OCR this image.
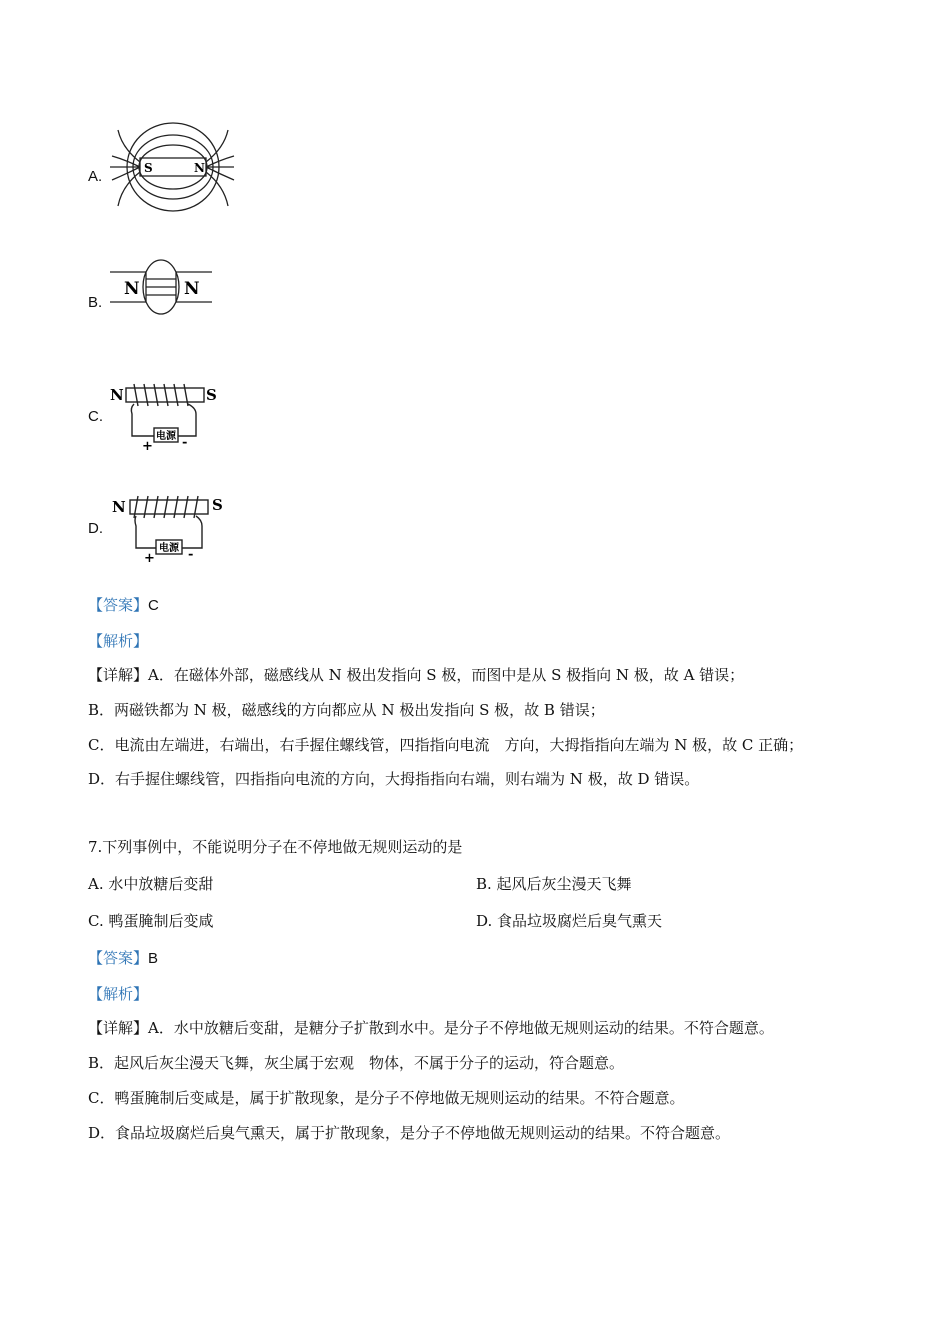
A.	S	N
B.
N	N
C.
N	S
电源
+ -
D.
N	S
电源
+	-
【答案】C
【解析】
【详解】A．在磁体外部，磁感线从 N 极出发指向 S 极，而图中是从 S 极指向 N 极，故 A 错误；
B．两磁铁都为 N 极，磁感线的方向都应从 N 极出发指向 S 极，故 B 错误；
C．电流由左端进，右端出，右手握住螺线管，四指指向电流　方向，大拇指指向左端为 N 极，故 C 正确；
D．右手握住螺线管，四指指向电流的方向，大拇指指向右端，则右端为 N 极，故 D 错误。
7.下列事例中，不能说明分子在不停地做无规则运动的是
A. 水中放糖后变甜	B. 起风后灰尘漫天飞舞
C. 鸭蛋腌制后变咸	D. 食品垃圾腐烂后臭气熏天
【答案】B
【解析】
【详解】A．水中放糖后变甜，是糖分子扩散到水中。是分子不停地做无规则运动的结果。不符合题意。
B．起风后灰尘漫天飞舞，灰尘属于宏观　物体，不属于分子的运动，符合题意。
C．鸭蛋腌制后变咸是，属于扩散现象，是分子不停地做无规则运动的结果。不符合题意。
D．食品垃圾腐烂后臭气熏天，属于扩散现象，是分子不停地做无规则运动的结果。不符合题意。
